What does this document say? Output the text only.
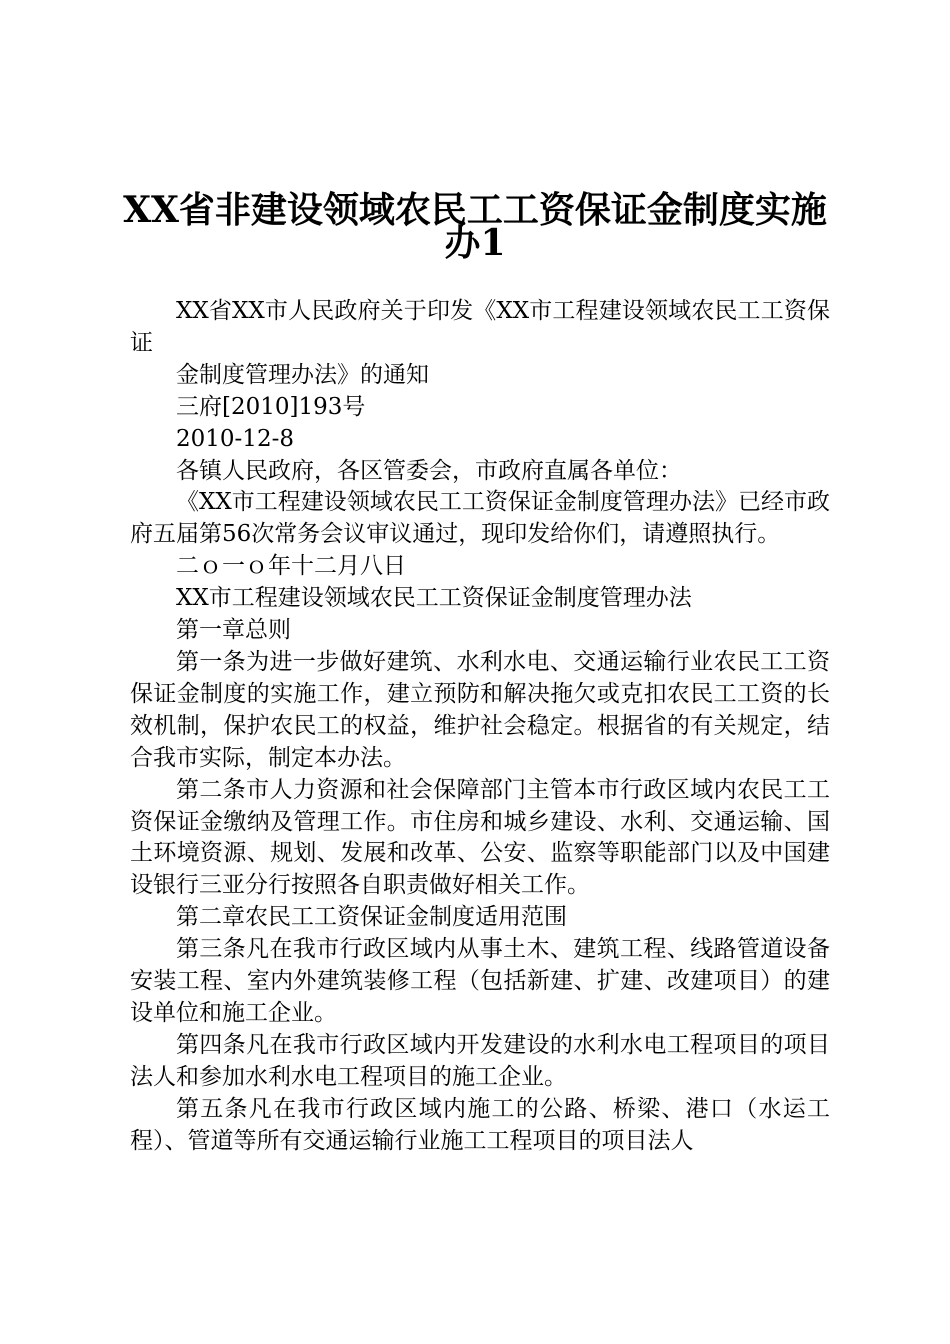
XX省非建设领域农民工工资保证金制度实施
办1

XX省XX市人民政府关于印发《XX市工程建设领域农民工工资保证

金制度管理办法》的通知

三府[2010]193号

2010-12-8

各镇人民政府，各区管委会，市政府直属各单位：

《XX市工程建设领域农民工工资保证金制度管理办法》已经市政府五届第56次常务会议审议通过，现印发给你们，请遵照执行。

二ｏ一ｏ年十二月八日

XX市工程建设领域农民工工资保证金制度管理办法

第一章总则

第一条为进一步做好建筑、水利水电、交通运输行业农民工工资保证金制度的实施工作，建立预防和解决拖欠或克扣农民工工资的长效机制，保护农民工的权益，维护社会稳定。根据省的有关规定，结合我市实际，制定本办法。

第二条市人力资源和社会保障部门主管本市行政区域内农民工工资保证金缴纳及管理工作。市住房和城乡建设、水利、交通运输、国土环境资源、规划、发展和改革、公安、监察等职能部门以及中国建设银行三亚分行按照各自职责做好相关工作。

第二章农民工工资保证金制度适用范围

第三条凡在我市行政区域内从事土木、建筑工程、线路管道设备安装工程、室内外建筑装修工程（包括新建、扩建、改建项目）的建设单位和施工企业。

第四条凡在我市行政区域内开发建设的水利水电工程项目的项目法人和参加水利水电工程项目的施工企业。

第五条凡在我市行政区域内施工的公路、桥梁、港口（水运工程）、管道等所有交通运输行业施工工程项目的项目法人
